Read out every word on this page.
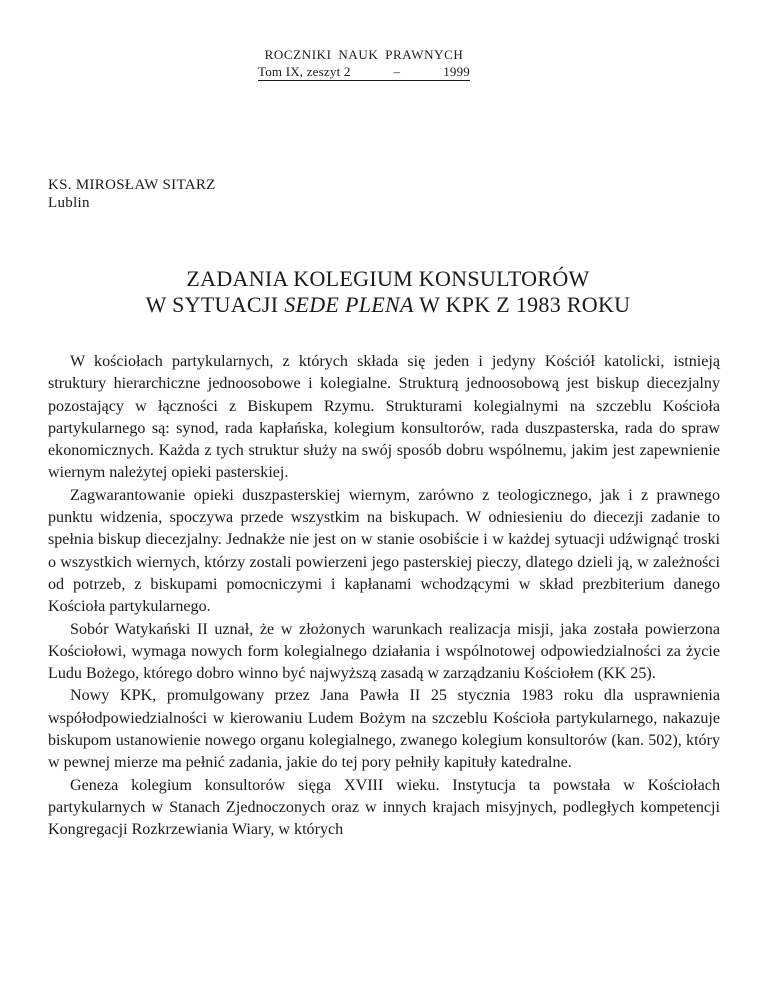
ROCZNIKI NAUK PRAWNYCH
Tom IX, zeszyt 2	–	1999
KS. MIROSŁAW SITARZ
Lublin
ZADANIA KOLEGIUM KONSULTORÓW
W SYTUACJI SEDE PLENA W KPK Z 1983 ROKU

W kościołach partykularnych, z których składa się jeden i jedyny Kościół katolicki, istnieją struktury hierarchiczne jednoosobowe i kolegialne. Strukturą jednoosobową jest biskup diecezjalny pozostający w łączności z Biskupem Rzymu. Strukturami kolegialnymi na szczeblu Kościoła partykularnego są: synod, rada kapłańska, kolegium konsultorów, rada duszpasterska, rada do spraw ekonomicznych. Każda z tych struktur służy na swój sposób dobru wspólnemu, jakim jest zapewnienie wiernym należytej opieki pasterskiej.

Zagwarantowanie opieki duszpasterskiej wiernym, zarówno z teologicznego, jak i z prawnego punktu widzenia, spoczywa przede wszystkim na biskupach. W odniesieniu do diecezji zadanie to spełnia biskup diecezjalny. Jednakże nie jest on w stanie osobiście i w każdej sytuacji udźwignąć troski o wszystkich wiernych, którzy zostali powierzeni jego pasterskiej pieczy, dlatego dzieli ją, w zależności od potrzeb, z biskupami pomocniczymi i kapłanami wchodzącymi w skład prezbiterium danego Kościoła partykularnego.

Sobór Watykański II uznał, że w złożonych warunkach realizacja misji, jaka została powierzona Kościołowi, wymaga nowych form kolegialnego działania i wspólnotowej odpowiedzialności za życie Ludu Bożego, którego dobro winno być najwyższą zasadą w zarządzaniu Kościołem (KK 25).

Nowy KPK, promulgowany przez Jana Pawła II 25 stycznia 1983 roku dla usprawnienia współodpowiedzialności w kierowaniu Ludem Bożym na szczeblu Kościoła partykularnego, nakazuje biskupom ustanowienie nowego organu kolegialnego, zwanego kolegium konsultorów (kan. 502), który w pewnej mierze ma pełnić zadania, jakie do tej pory pełniły kapituły katedralne.

Geneza kolegium konsultorów sięga XVIII wieku. Instytucja ta powstała w Kościołach partykularnych w Stanach Zjednoczonych oraz w innych krajach misyjnych, podległych kompetencji Kongregacji Rozkrzewiania Wiary, w których
